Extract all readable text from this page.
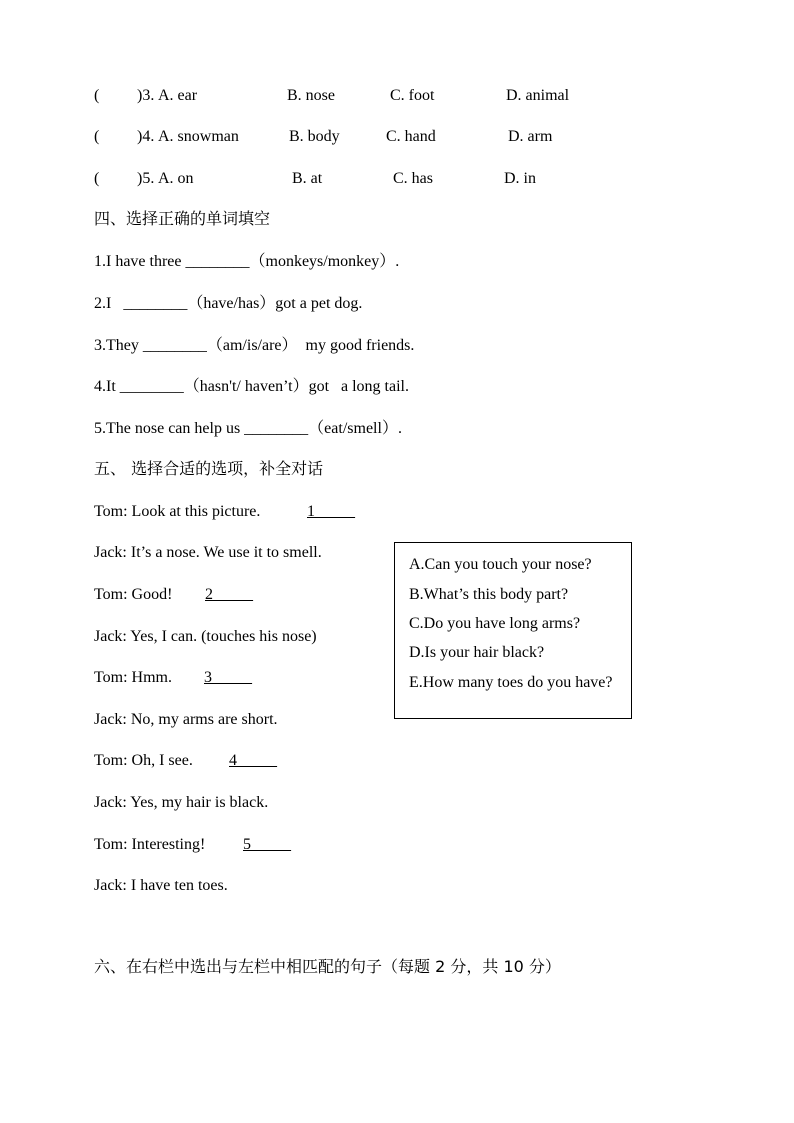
( )3. A. ear	B. nose	C. foot	D. animal
( )4. A. snowman	B. body	C. hand	D. arm
( )5. A. on	B. at	C. has	D. in
四、选择正确的单词填空
1.I have three ________（monkeys/monkey）.
2.I   ________（have/has）got a pet dog.
3.They ________（am/is/are）  my good friends.
4.It ________（hasn't/ haven’t）got   a long tail.
5.The nose can help us ________（eat/smell）.
五、 选择合适的选项，补全对话
Tom: Look at this picture.	1_____
Jack: It’s a nose. We use it to smell.
Tom: Good! 2_____
Jack: Yes, I can. (touches his nose)
Tom: Hmm. 3_____
Jack: No, my arms are short.
Tom: Oh, I see. 4_____
Jack: Yes, my hair is black.
Tom: Interesting! 5_____
Jack: I have ten toes.
A.Can you touch your nose?
B.What’s this body part?
C.Do you have long arms?
D.Is your hair black?
E.How many toes do you have?
六、在右栏中选出与左栏中相匹配的句子（每题 2 分，共 10 分）
